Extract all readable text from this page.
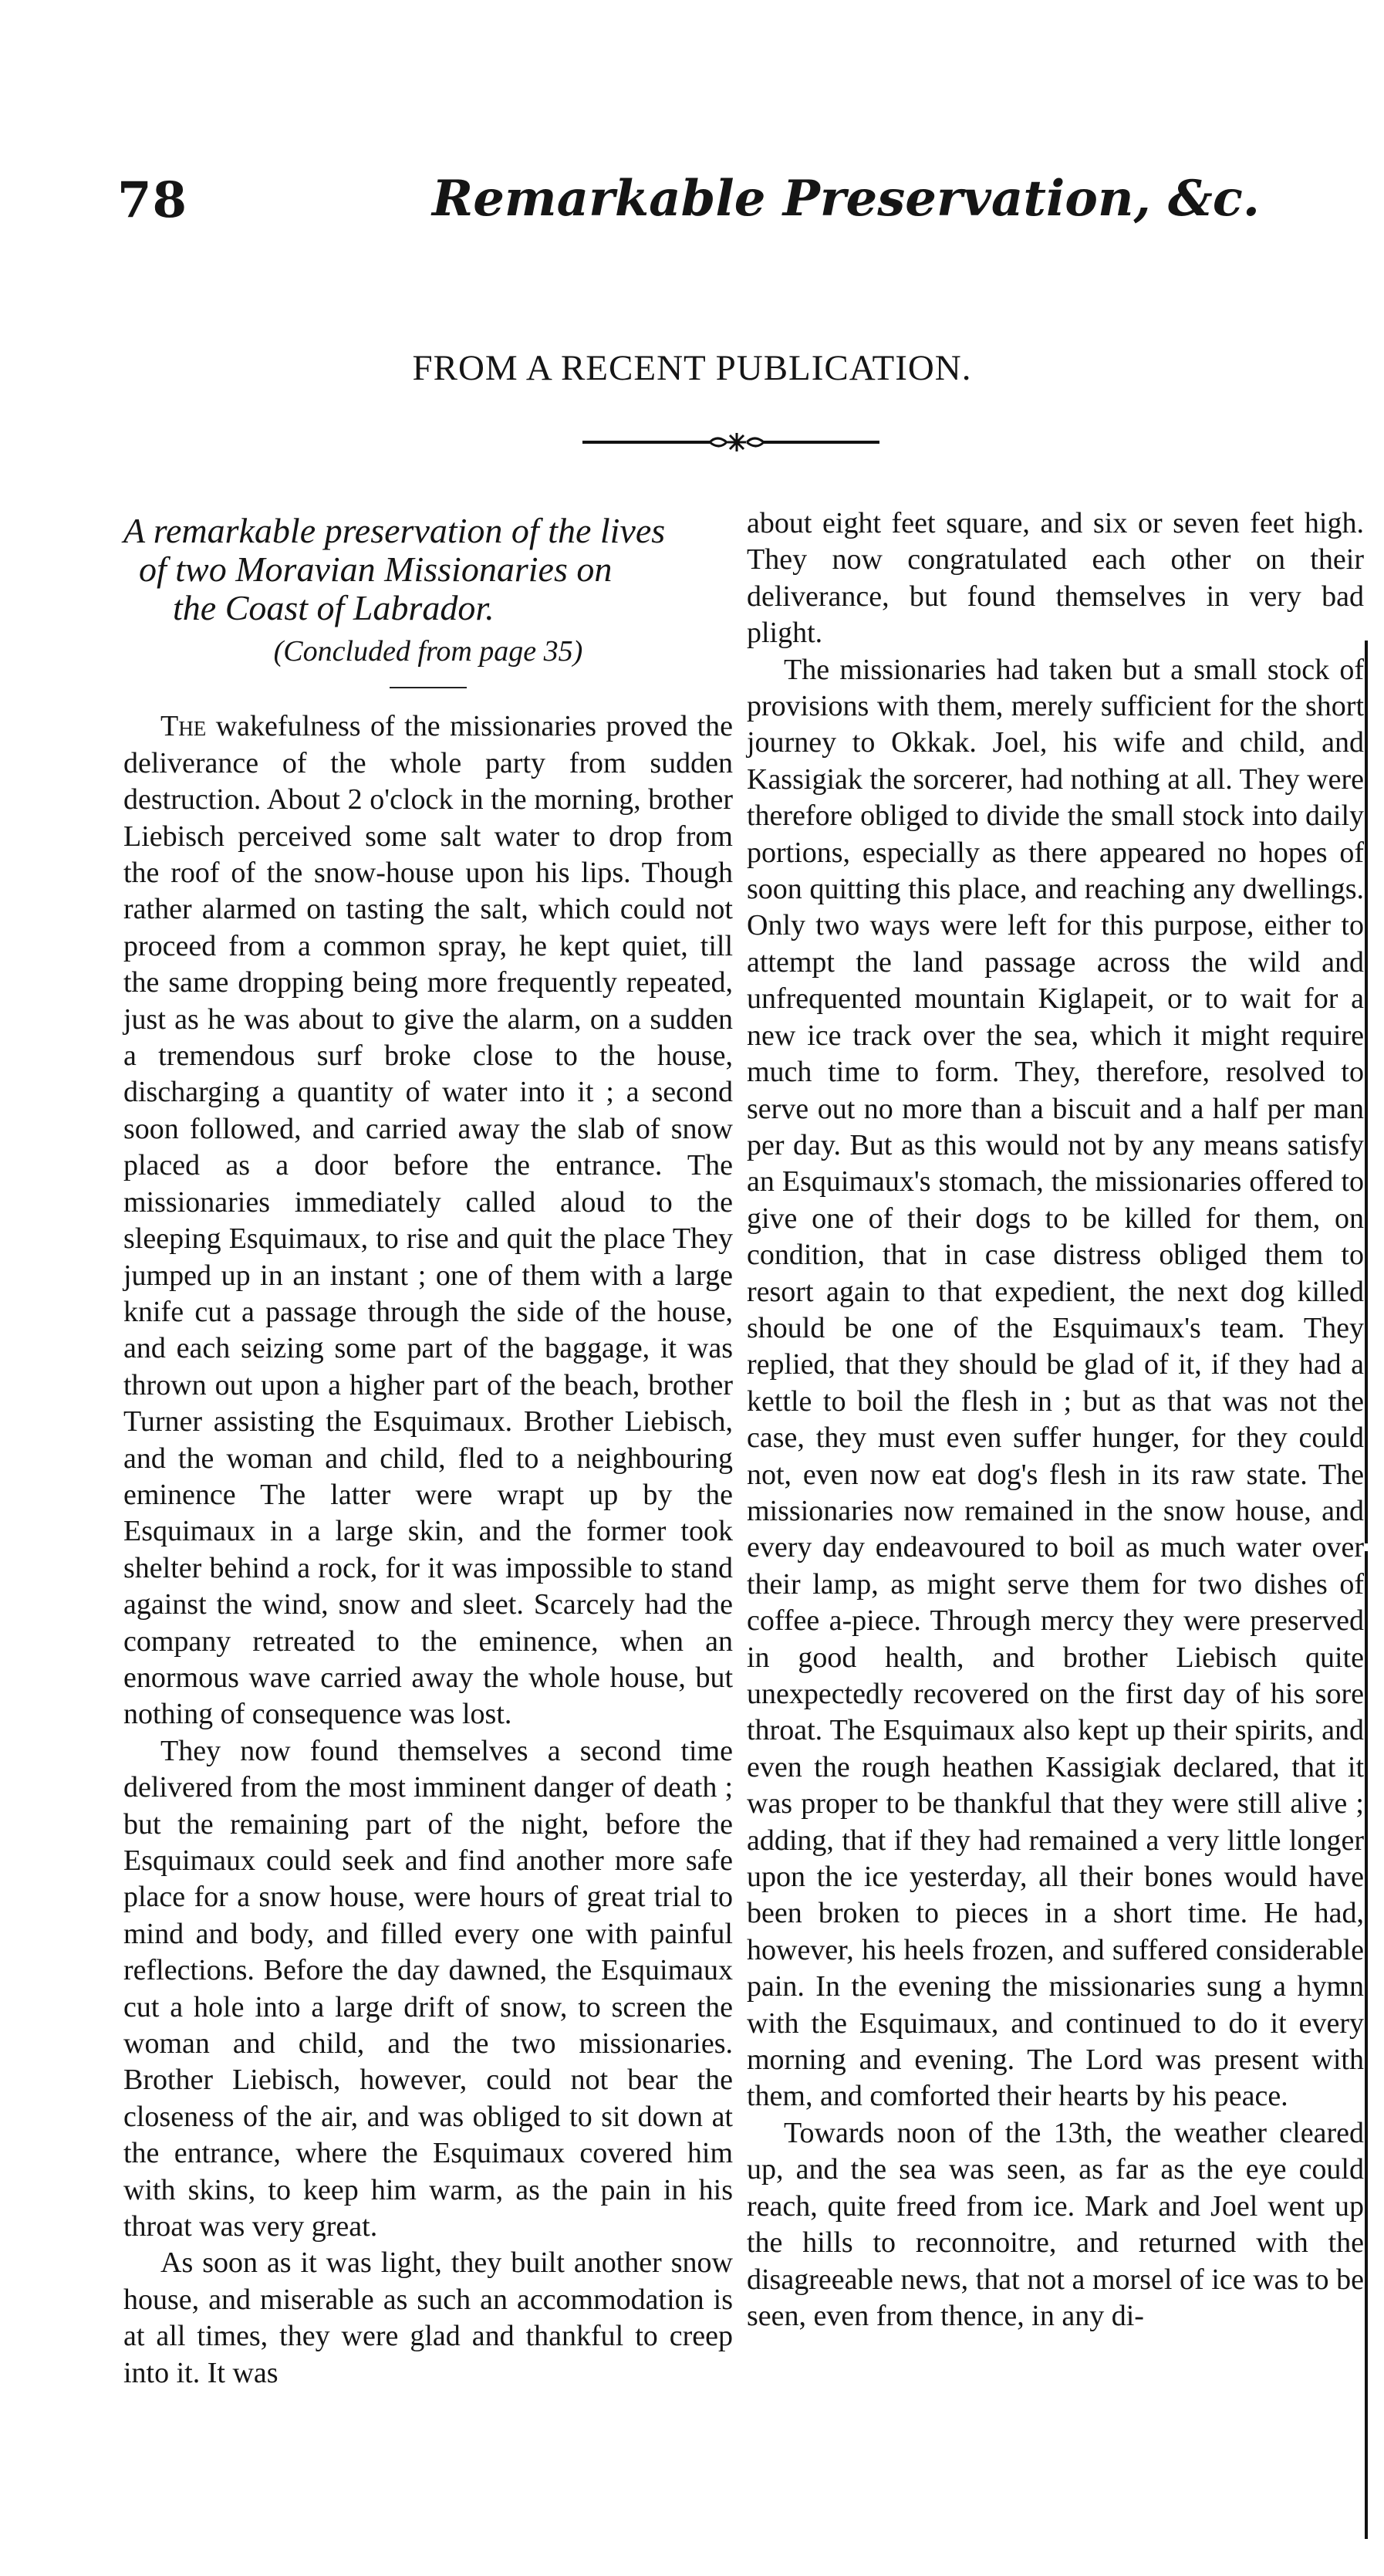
78	Remarkable Preservation, &c.
FROM A RECENT PUBLICATION.
A remarkable preservation of the lives
of two Moravian Missionaries on
the Coast of Labrador.
(Concluded from page 35)

The wakefulness of the missionaries proved the deliverance of the whole party from sudden destruction. About 2 o'clock in the morning, brother Liebisch perceived some salt water to drop from the roof of the snow-house upon his lips. Though rather alarmed on tasting the salt, which could not proceed from a common spray, he kept quiet, till the same dropping being more frequently repeated, just as he was about to give the alarm, on a sudden a tremendous surf broke close to the house, discharging a quantity of water into it ; a second soon followed, and carried away the slab of snow placed as a door before the entrance. The missionaries immediately called aloud to the sleeping Esquimaux, to rise and quit the place They jumped up in an instant ; one of them with a large knife cut a passage through the side of the house, and each seizing some part of the baggage, it was thrown out upon a higher part of the beach, brother Turner assisting the Esquimaux. Brother Liebisch, and the woman and child, fled to a neighbouring eminence The latter were wrapt up by the Esquimaux in a large skin, and the former took shelter behind a rock, for it was impossible to stand against the wind, snow and sleet. Scarcely had the company retreated to the eminence, when an enormous wave carried away the whole house, but nothing of consequence was lost.

They now found themselves a second time delivered from the most imminent danger of death ; but the remaining part of the night, before the Esquimaux could seek and find another more safe place for a snow house, were hours of great trial to mind and body, and filled every one with painful reflections. Before the day dawned, the Esquimaux cut a hole into a large drift of snow, to screen the woman and child, and the two missionaries. Brother Liebisch, however, could not bear the closeness of the air, and was obliged to sit down at the entrance, where the Esquimaux covered him with skins, to keep him warm, as the pain in his throat was very great.

As soon as it was light, they built another snow house, and miserable as such an accommodation is at all times, they were glad and thankful to creep into it. It was

about eight feet square, and six or seven feet high. They now congratulated each other on their deliverance, but found themselves in very bad plight.

The missionaries had taken but a small stock of provisions with them, merely sufficient for the short journey to Okkak. Joel, his wife and child, and Kassigiak the sorcerer, had nothing at all. They were therefore obliged to divide the small stock into daily portions, especially as there appeared no hopes of soon quitting this place, and reaching any dwellings. Only two ways were left for this purpose, either to attempt the land passage across the wild and unfrequented mountain Kiglapeit, or to wait for a new ice track over the sea, which it might require much time to form. They, therefore, resolved to serve out no more than a biscuit and a half per man per day. But as this would not by any means satisfy an Esquimaux's stomach, the missionaries offered to give one of their dogs to be killed for them, on condition, that in case distress obliged them to resort again to that expedient, the next dog killed should be one of the Esquimaux's team. They replied, that they should be glad of it, if they had a kettle to boil the flesh in ; but as that was not the case, they must even suffer hunger, for they could not, even now eat dog's flesh in its raw state. The missionaries now remained in the snow house, and every day endeavoured to boil as much water over their lamp, as might serve them for two dishes of coffee a-piece. Through mercy they were preserved in good health, and brother Liebisch quite unexpectedly recovered on the first day of his sore throat. The Esquimaux also kept up their spirits, and even the rough heathen Kassigiak declared, that it was proper to be thankful that they were still alive ; adding, that if they had remained a very little longer upon the ice yesterday, all their bones would have been broken to pieces in a short time. He had, however, his heels frozen, and suffered considerable pain. In the evening the missionaries sung a hymn with the Esquimaux, and continued to do it every morning and evening. The Lord was present with them, and comforted their hearts by his peace.

Towards noon of the 13th, the weather cleared up, and the sea was seen, as far as the eye could reach, quite freed from ice. Mark and Joel went up the hills to reconnoitre, and returned with the disagreeable news, that not a morsel of ice was to be seen, even from thence, in any di-
